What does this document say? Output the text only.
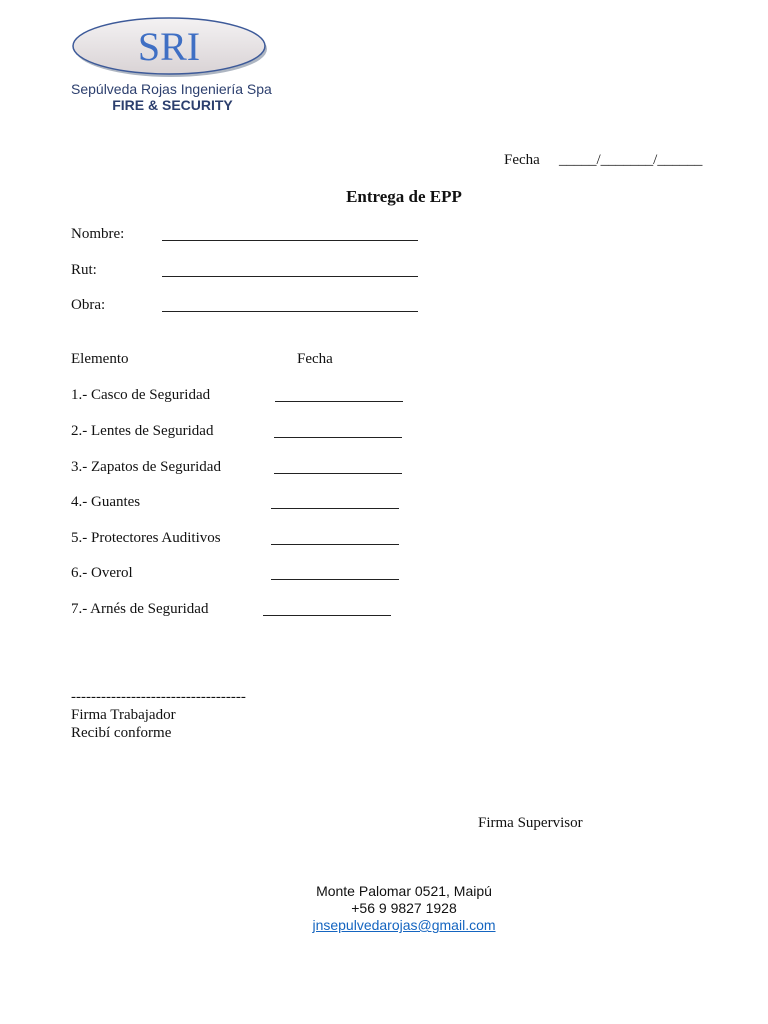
SRI
Sepúlveda Rojas Ingeniería Spa
FIRE & SECURITY
Fecha _____/_______/______
Entrega de EPP
Nombre:
Rut:
Obra:
Elemento	Fecha
1.- Casco de Seguridad
2.- Lentes de Seguridad
3.- Zapatos de Seguridad
4.- Guantes
5.- Protectores Auditivos
6.- Overol
7.- Arnés de Seguridad
-----------------------------------
Firma Trabajador
Recibí conforme
Firma Supervisor
Monte Palomar 0521, Maipú
+56 9 9827 1928
jnsepulvedarojas@gmail.com
